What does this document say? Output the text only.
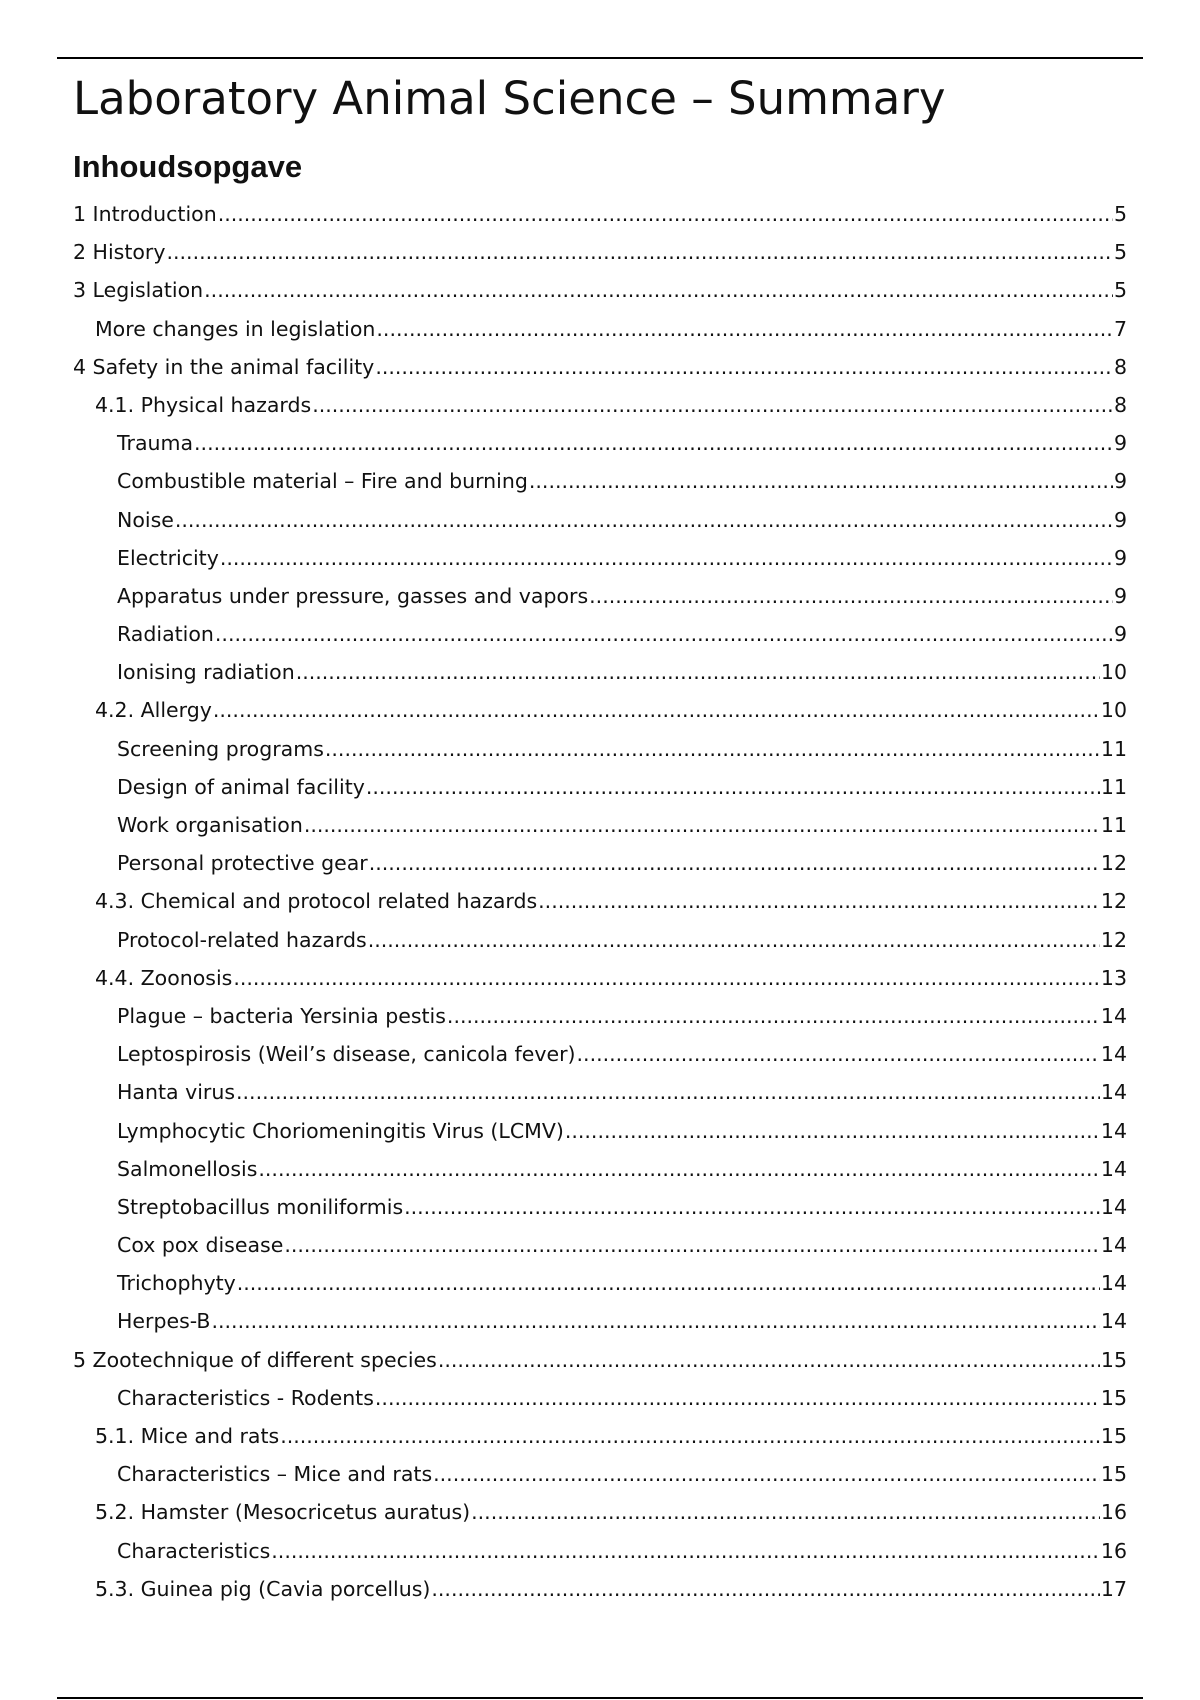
Laboratory Animal Science – Summary
Inhoudsopgave
1 Introduction .....	5
2 History .....	5
3 Legislation .....	5
More changes in legislation .....	7
4 Safety in the animal facility .....	8
4.1. Physical hazards .....	8
Trauma .....	9
Combustible material – Fire and burning .....	9
Noise .....	9
Electricity .....	9
Apparatus under pressure, gasses and vapors .....	9
Radiation .....	9
Ionising radiation .....	10
4.2. Allergy .....	10
Screening programs .....	11
Design of animal facility .....	11
Work organisation .....	11
Personal protective gear .....	12
4.3. Chemical and protocol related hazards .....	12
Protocol-related hazards .....	12
4.4. Zoonosis .....	13
Plague – bacteria Yersinia pestis .....	14
Leptospirosis (Weil’s disease, canicola fever) .....	14
Hanta virus .....	14
Lymphocytic Choriomeningitis Virus (LCMV) .....	14
Salmonellosis .....	14
Streptobacillus moniliformis .....	14
Cox pox disease .....	14
Trichophyty .....	14
Herpes-B .....	14
5 Zootechnique of different species .....	15
Characteristics - Rodents .....	15
5.1. Mice and rats .....	15
Characteristics – Mice and rats .....	15
5.2. Hamster (Mesocricetus auratus) .....	16
Characteristics .....	16
5.3. Guinea pig (Cavia porcellus) .....	17
